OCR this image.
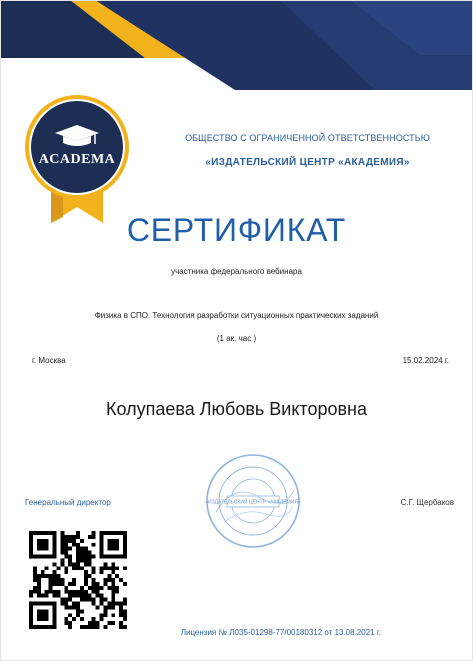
ACADEMA
ОБЩЕСТВО С ОГРАНИЧЕННОЙ ОТВЕТСТВЕННОСТЬЮ
«ИЗДАТЕЛЬСКИЙ ЦЕНТР «АКАДЕМИЯ»
СЕРТИФИКАТ
участника федерального вебинара
Физика в СПО. Технология разработки ситуационных практических заданий
(1 ак. час )
г. Москва	15.02.2024 г.
Колупаева Любовь Викторовна
Генеральный директор	С.Г. Щербаков
«ИЗДАТЕЛЬСКИЙ ЦЕНТР «АКАДЕМИЯ»
Лицензия № Л035-01298-77/00180312 от 13.08.2021 г.
